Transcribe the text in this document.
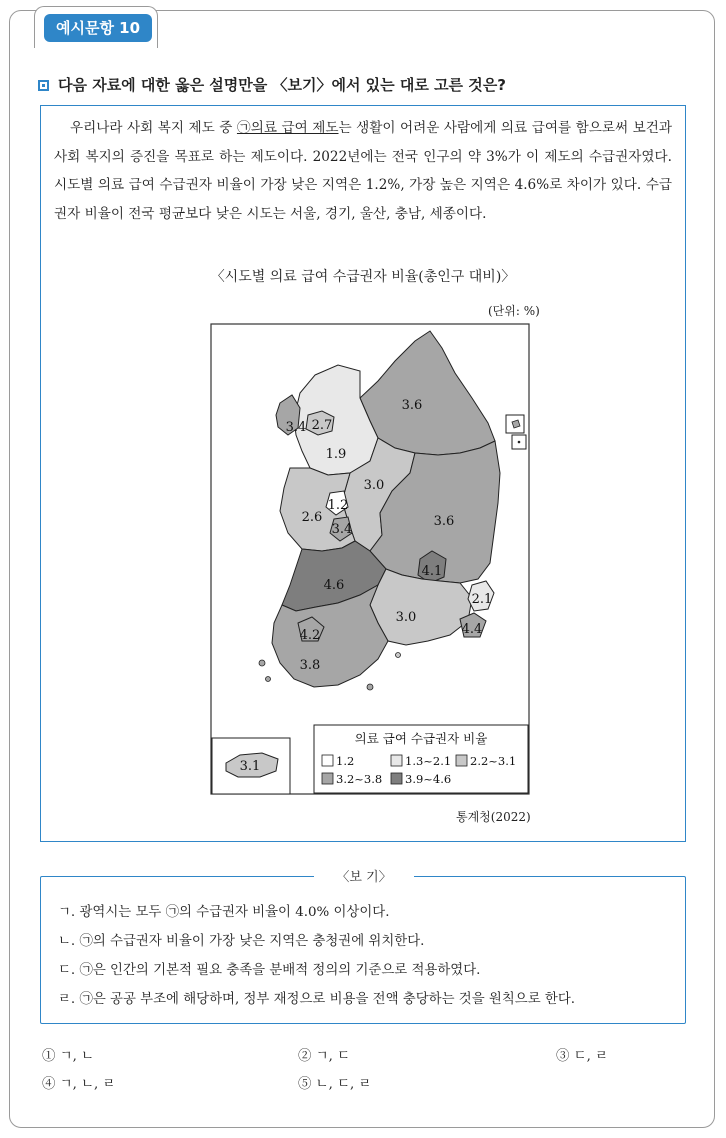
예시문항 10
다음 자료에 대한 옳은 설명만을 〈보기〉에서 있는 대로 고른 것은?
우리나라 사회 복지 제도 중 ㉠의료 급여 제도는 생활이 어려운 사람에게 의료 급여를 함으로써 보건과 사회 복지의 증진을 목표로 하는 제도이다. 2022년에는 전국 인구의 약 3%가 이 제도의 수급권자였다. 시도별 의료 급여 수급권자 비율이 가장 낮은 지역은 1.2%, 가장 높은 지역은 4.6%로 차이가 있다. 수급권자 비율이 전국 평균보다 낮은 시도는 서울, 경기, 울산, 충남, 세종이다.
〈시도별 의료 급여 수급권자 비율(총인구 대비)〉
(단위: %)
3.4 2.7
1.9
3.6
2.6
1.2
3.4
3.0
3.6
4.1
4.6
2.1
3.0
4.4
4.2
3.8
3.1
의료 급여 수급권자 비율
1.2	1.3~2.1 2.2~3.1
3.2~3.8 3.9~4.6
통계청(2022)
〈보 기〉
ㄱ. 광역시는 모두 ㉠의 수급권자 비율이 4.0% 이상이다.
ㄴ. ㉠의 수급권자 비율이 가장 낮은 지역은 충청권에 위치한다.
ㄷ. ㉠은 인간의 기본적 필요 충족을 분배적 정의의 기준으로 적용하였다.
ㄹ. ㉠은 공공 부조에 해당하며, 정부 재정으로 비용을 전액 충당하는 것을 원칙으로 한다.
① ㄱ, ㄴ	② ㄱ, ㄷ	③ ㄷ, ㄹ
④ ㄱ, ㄴ, ㄹ	⑤ ㄴ, ㄷ, ㄹ
